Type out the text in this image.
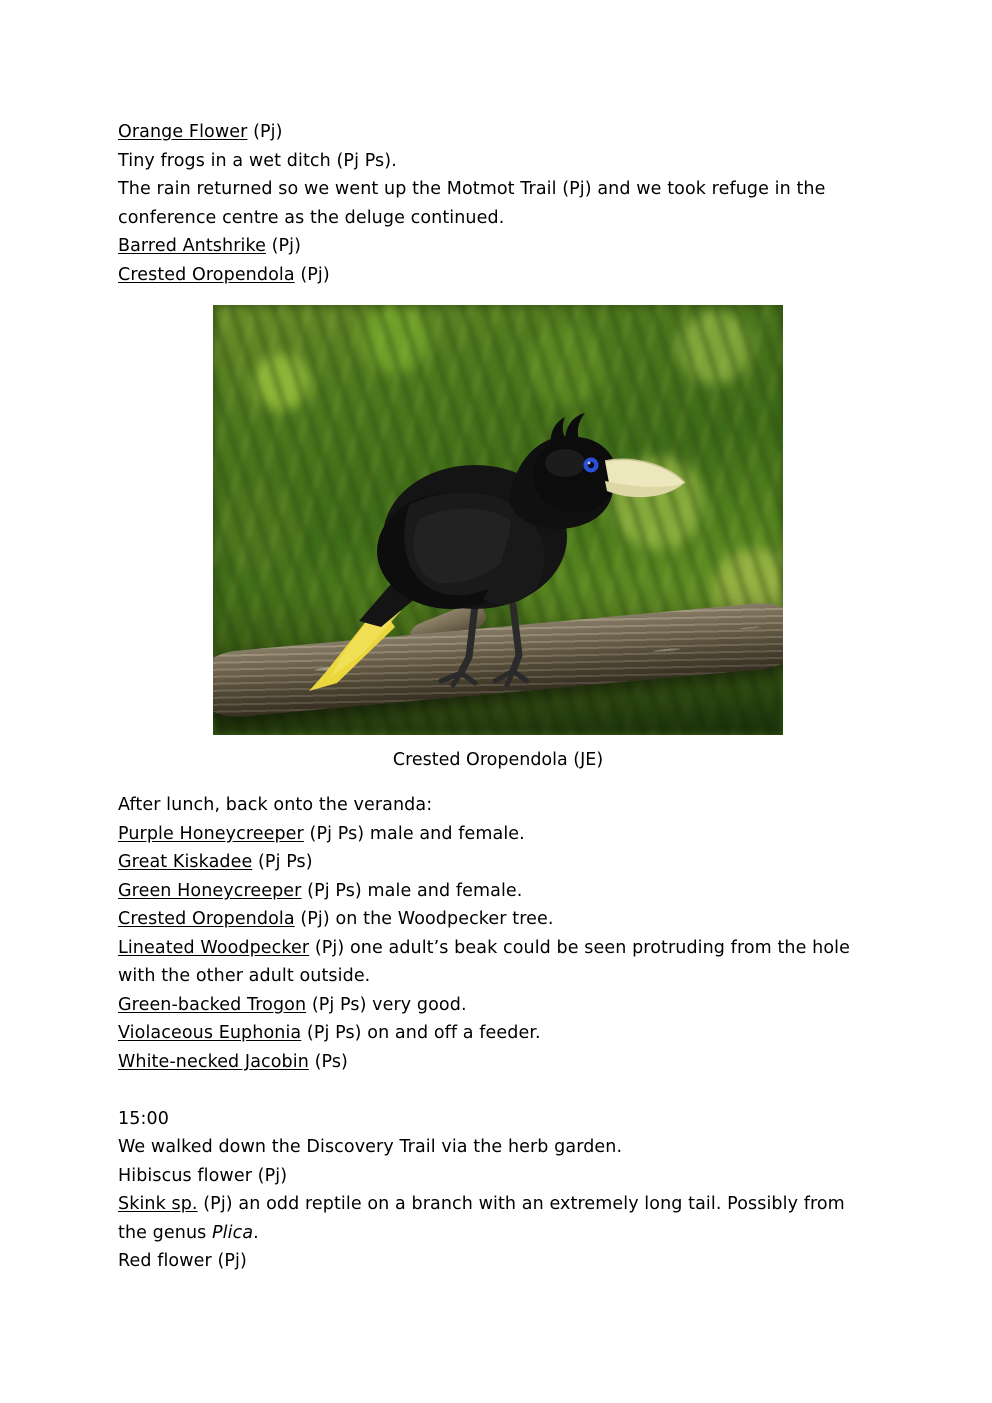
Orange Flower (Pj)
Tiny frogs in a wet ditch (Pj Ps).
The rain returned so we went up the Motmot Trail (Pj) and we took refuge in the conference centre as the deluge continued.
Barred Antshrike (Pj)
Crested Oropendola (Pj)
Crested Oropendola (JE)
After lunch, back onto the veranda:
Purple Honeycreeper (Pj Ps) male and female.
Great Kiskadee (Pj Ps)
Green Honeycreeper (Pj Ps) male and female.
Crested Oropendola (Pj) on the Woodpecker tree.
Lineated Woodpecker (Pj) one adult’s beak could be seen protruding from the hole with the other adult outside.
Green-backed Trogon (Pj Ps) very good.
Violaceous Euphonia (Pj Ps) on and off a feeder.
White-necked Jacobin (Ps)
15:00
We walked down the Discovery Trail via the herb garden.
Hibiscus flower (Pj)
Skink sp. (Pj) an odd reptile on a branch with an extremely long tail. Possibly from the genus Plica.
Red flower (Pj)
